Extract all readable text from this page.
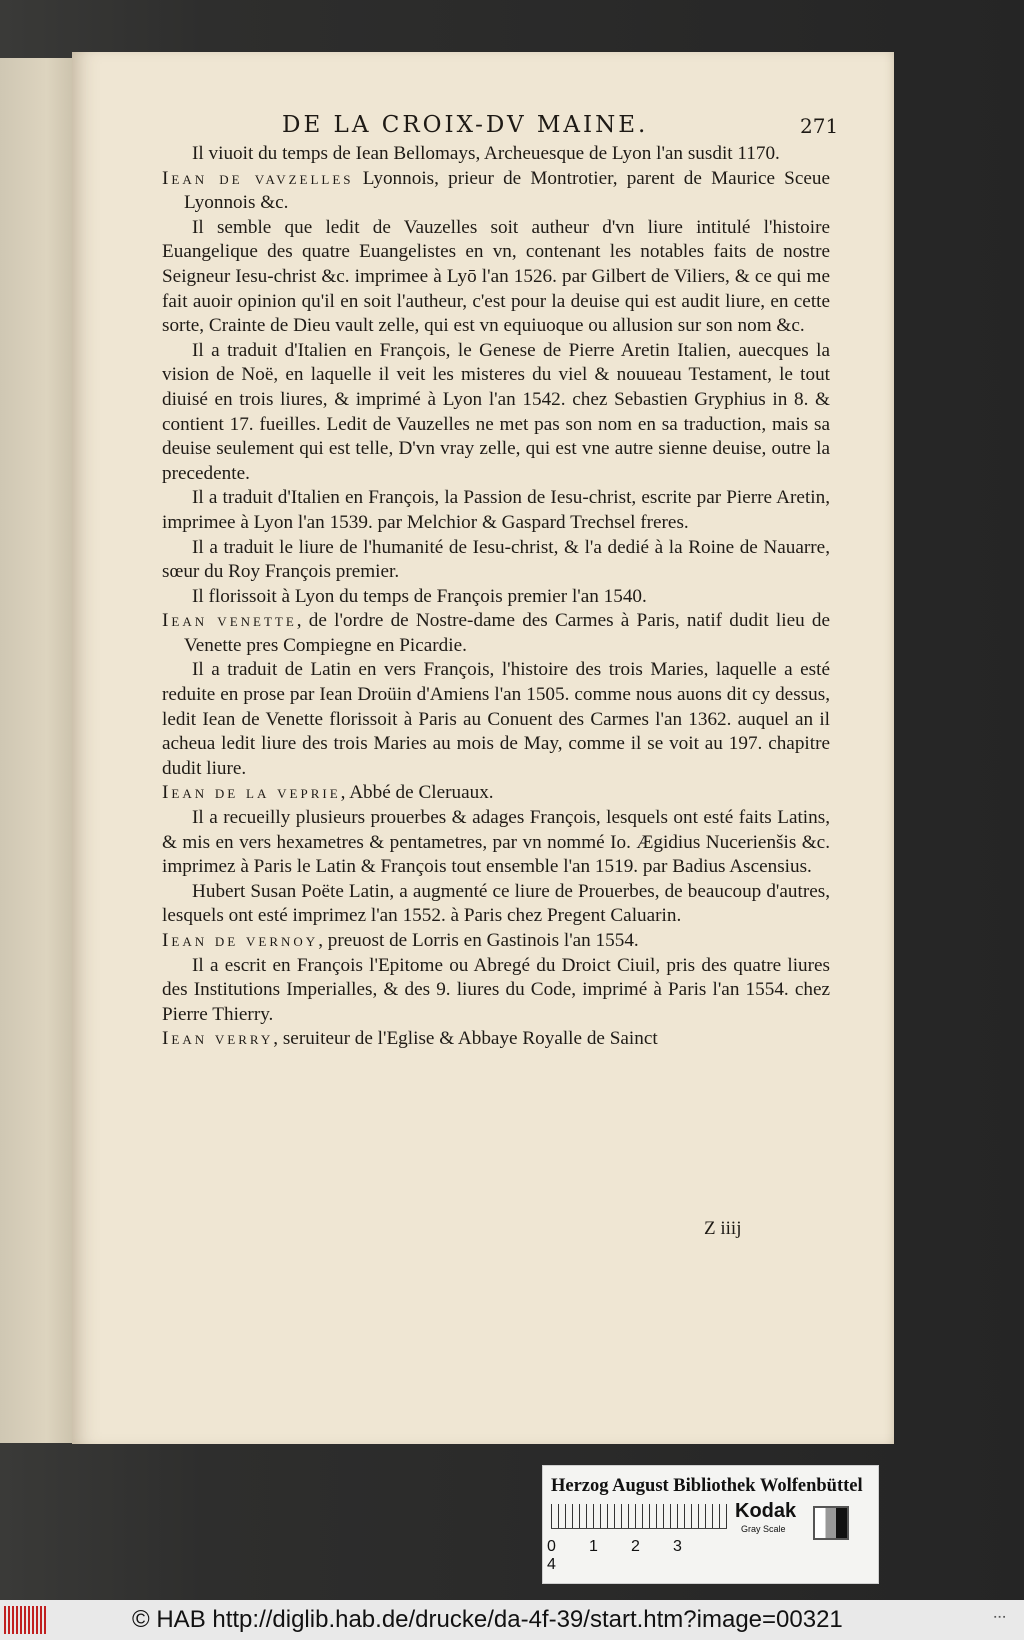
DE LA CROIX-DV MAINE.	271

Il viuoit du temps de Iean Bellomays, Archeuesque de Lyon l'an susdit 1170.

Iean de vavzelles Lyonnois, prieur de Montrotier, parent de Maurice Sceue Lyonnois &c.

Il semble que ledit de Vauzelles soit autheur d'vn liure intitulé l'histoire Euangelique des quatre Euangelistes en vn, contenant les notables faits de nostre Seigneur Iesu-christ &c. imprimee à Lyō l'an 1526. par Gilbert de Viliers, & ce qui me fait auoir opinion qu'il en soit l'autheur, c'est pour la deuise qui est audit liure, en cette sorte, Crainte de Dieu vault zelle, qui est vn equiuoque ou allusion sur son nom &c.

Il a traduit d'Italien en François, le Genese de Pierre Aretin Italien, auecques la vision de Noë, en laquelle il veit les misteres du viel & nouueau Testament, le tout diuisé en trois liures, & imprimé à Lyon l'an 1542. chez Sebastien Gryphius in 8. & contient 17. fueilles. Ledit de Vauzelles ne met pas son nom en sa traduction, mais sa deuise seulement qui est telle, D'vn vray zelle, qui est vne autre sienne deuise, outre la precedente.

Il a traduit d'Italien en François, la Passion de Iesu-christ, escrite par Pierre Aretin, imprimee à Lyon l'an 1539. par Melchior & Gaspard Trechsel freres.

Il a traduit le liure de l'humanité de Iesu-christ, & l'a dedié à la Roine de Nauarre, sœur du Roy François premier.

Il florissoit à Lyon du temps de François premier l'an 1540.

Iean venette, de l'ordre de Nostre-dame des Carmes à Paris, natif dudit lieu de Venette pres Compiegne en Picardie.

Il a traduit de Latin en vers François, l'histoire des trois Maries, laquelle a esté reduite en prose par Iean Droüin d'Amiens l'an 1505. comme nous auons dit cy dessus, ledit Iean de Venette florissoit à Paris au Conuent des Carmes l'an 1362. auquel an il acheua ledit liure des trois Maries au mois de May, comme il se voit au 197. chapitre dudit liure.

Iean de la veprie, Abbé de Cleruaux.

Il a recueilly plusieurs prouerbes & adages François, lesquels ont esté faits Latins, & mis en vers hexametres & pentametres, par vn nommé Io. Ægidius Nucerienšis &c. imprimez à Paris le Latin & François tout ensemble l'an 1519. par Badius Ascensius.

Hubert Susan Poëte Latin, a augmenté ce liure de Prouerbes, de beaucoup d'autres, lesquels ont esté imprimez l'an 1552. à Paris chez Pregent Caluarin.

Iean de vernoy, preuost de Lorris en Gastinois l'an 1554.

Il a escrit en François l'Epitome ou Abregé du Droict Ciuil, pris des quatre liures des Institutions Imperialles, & des 9. liures du Code, imprimé à Paris l'an 1554. chez Pierre Thierry.

Iean verry, seruiteur de l'Eglise & Abbaye Royalle de Sainct

Z iiij
Herzog August Bibliothek Wolfenbüttel
0 1 2 34
Kodak
Gray Scale
© HAB http://diglib.hab.de/drucke/da-4f-39/start.htm?image=00321	▪ ▪ ▪
